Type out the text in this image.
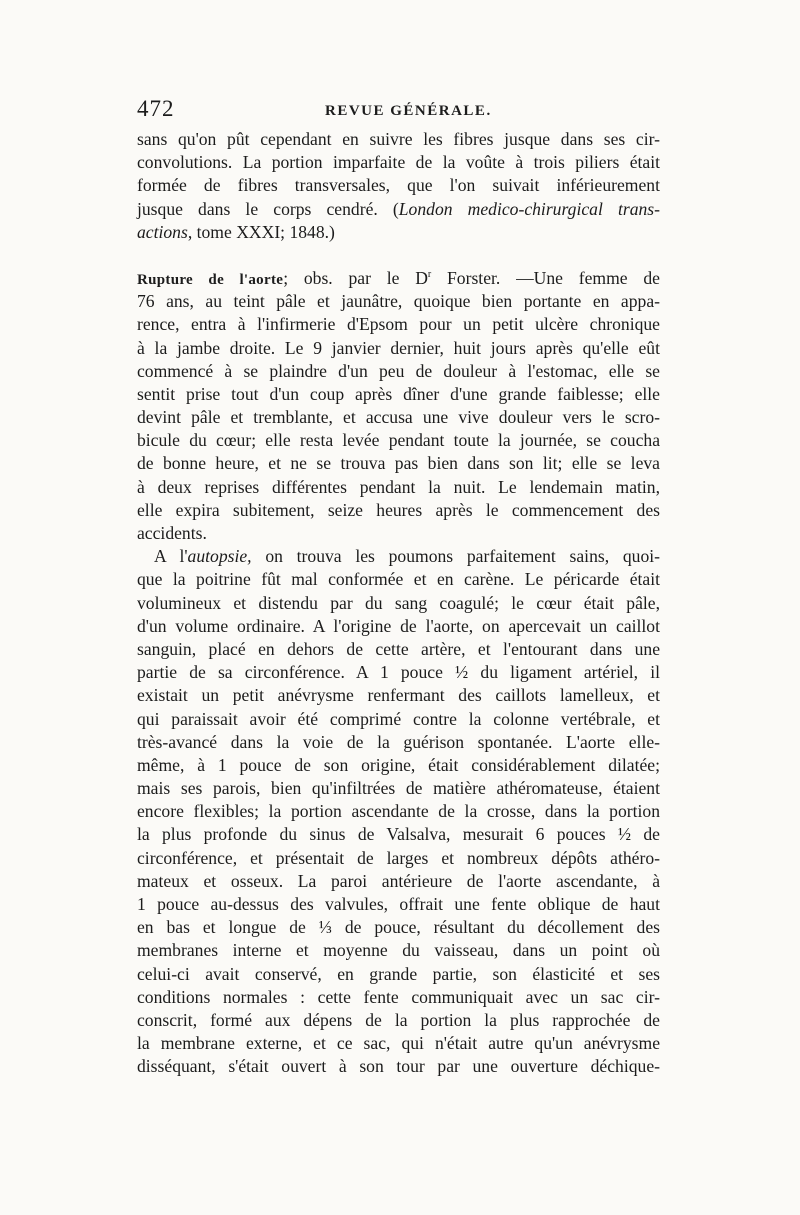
472	REVUE GÉNÉRALE.
sans qu'on pût cependant en suivre les fibres jusque dans ses cir-
convolutions. La portion imparfaite de la voûte à trois piliers était
formée de fibres transversales, que l'on suivait inférieurement
jusque dans le corps cendré. (London medico-chirurgical trans-
actions, tome XXXI; 1848.)
Rupture de l'aorte; obs. par le $D^r$ Forster. —Une femme de
76 ans, au teint pâle et jaunâtre, quoique bien portante en appa-
rence, entra à l'infirmerie d'Epsom pour un petit ulcère chronique
à la jambe droite. Le 9 janvier dernier, huit jours après qu'elle eût
commencé à se plaindre d'un peu de douleur à l'estomac, elle se
sentit prise tout d'un coup après dîner d'une grande faiblesse; elle
devint pâle et tremblante, et accusa une vive douleur vers le scro-
bicule du cœur; elle resta levée pendant toute la journée, se coucha
de bonne heure, et ne se trouva pas bien dans son lit; elle se leva
à deux reprises différentes pendant la nuit. Le lendemain matin,
elle expira subitement, seize heures après le commencement des
accidents.
A l'autopsie, on trouva les poumons parfaitement sains, quoi-
que la poitrine fût mal conformée et en carène. Le péricarde était
volumineux et distendu par du sang coagulé; le cœur était pâle,
d'un volume ordinaire. A l'origine de l'aorte, on apercevait un caillot
sanguin, placé en dehors de cette artère, et l'entourant dans une
partie de sa circonférence. A 1 pouce ½ du ligament artériel, il
existait un petit anévrysme renfermant des caillots lamelleux, et
qui paraissait avoir été comprimé contre la colonne vertébrale, et
très-avancé dans la voie de la guérison spontanée. L'aorte elle-
même, à 1 pouce de son origine, était considérablement dilatée;
mais ses parois, bien qu'infiltrées de matière athéromateuse, étaient
encore flexibles; la portion ascendante de la crosse, dans la portion
la plus profonde du sinus de Valsalva, mesurait 6 pouces ½ de
circonférence, et présentait de larges et nombreux dépôts athéro-
mateux et osseux. La paroi antérieure de l'aorte ascendante, à
1 pouce au-dessus des valvules, offrait une fente oblique de haut
en bas et longue de ⅓ de pouce, résultant du décollement des
membranes interne et moyenne du vaisseau, dans un point où
celui-ci avait conservé, en grande partie, son élasticité et ses
conditions normales : cette fente communiquait avec un sac cir-
conscrit, formé aux dépens de la portion la plus rapprochée de
la membrane externe, et ce sac, qui n'était autre qu'un anévrysme
disséquant, s'était ouvert à son tour par une ouverture déchique-
